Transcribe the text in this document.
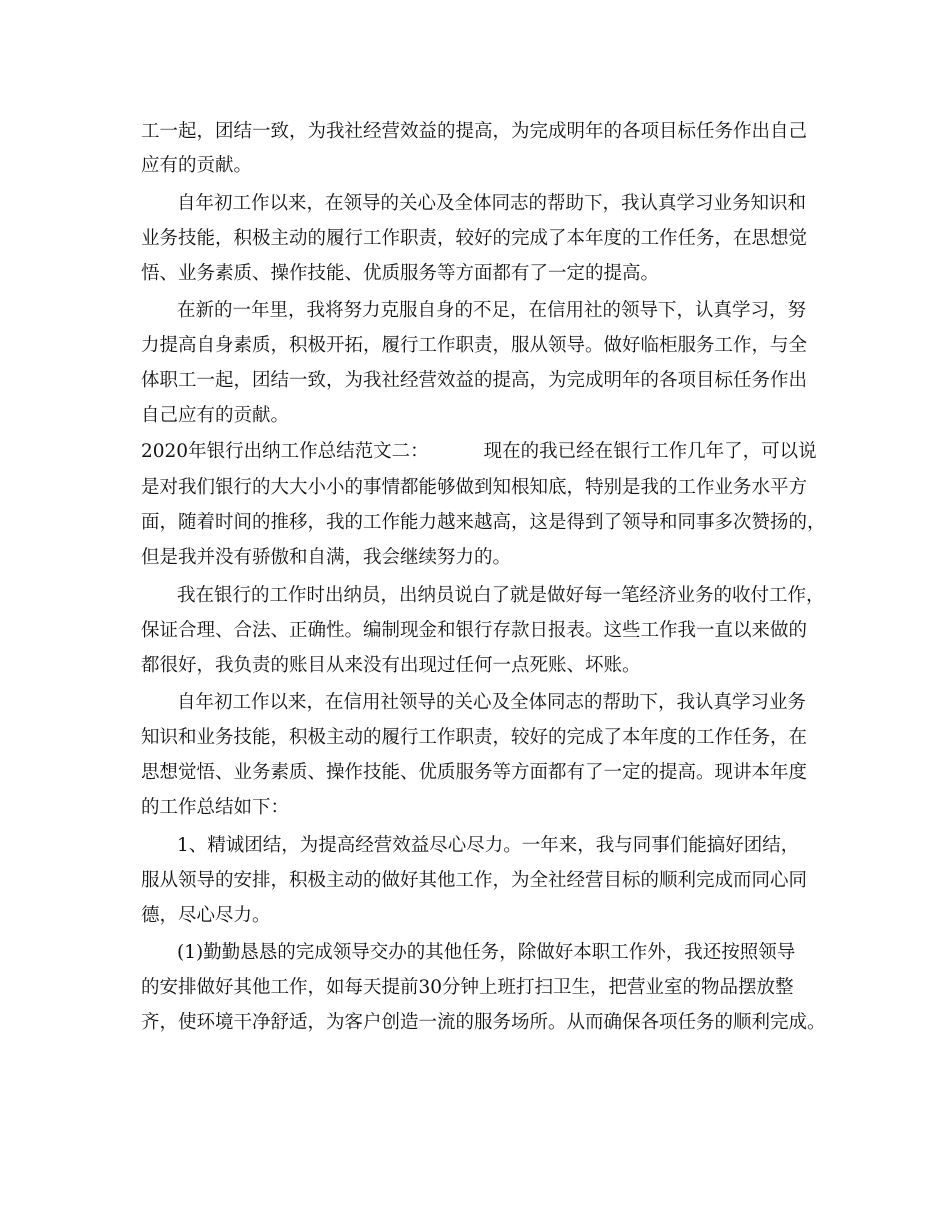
工一起，团结一致，为我社经营效益的提高，为完成明年的各项目标任务作出自己
应有的贡献。
自年初工作以来，在领导的关心及全体同志的帮助下，我认真学习业务知识和
业务技能，积极主动的履行工作职责，较好的完成了本年度的工作任务，在思想觉
悟、业务素质、操作技能、优质服务等方面都有了一定的提高。
在新的一年里，我将努力克服自身的不足，在信用社的领导下，认真学习，努
力提高自身素质，积极开拓，履行工作职责，服从领导。做好临柜服务工作，与全
体职工一起，团结一致，为我社经营效益的提高，为完成明年的各项目标任务作出
自己应有的贡献。
2020年银行出纳工作总结范文二：	现在的我已经在银行工作几年了，可以说
是对我们银行的大大小小的事情都能够做到知根知底，特别是我的工作业务水平方
面，随着时间的推移，我的工作能力越来越高，这是得到了领导和同事多次赞扬的，
但是我并没有骄傲和自满，我会继续努力的。
我在银行的工作时出纳员，出纳员说白了就是做好每一笔经济业务的收付工作，
保证合理、合法、正确性。编制现金和银行存款日报表。这些工作我一直以来做的
都很好，我负责的账目从来没有出现过任何一点死账、坏账。
自年初工作以来，在信用社领导的关心及全体同志的帮助下，我认真学习业务
知识和业务技能，积极主动的履行工作职责，较好的完成了本年度的工作任务，在
思想觉悟、业务素质、操作技能、优质服务等方面都有了一定的提高。现讲本年度
的工作总结如下：
1、精诚团结，为提高经营效益尽心尽力。一年来，我与同事们能搞好团结，
服从领导的安排，积极主动的做好其他工作，为全社经营目标的顺利完成而同心同
德，尽心尽力。
(1)勤勤恳恳的完成领导交办的其他任务，除做好本职工作外，我还按照领导
的安排做好其他工作，如每天提前30分钟上班打扫卫生，把营业室的物品摆放整
齐，使环境干净舒适，为客户创造一流的服务场所。从而确保各项任务的顺利完成。
